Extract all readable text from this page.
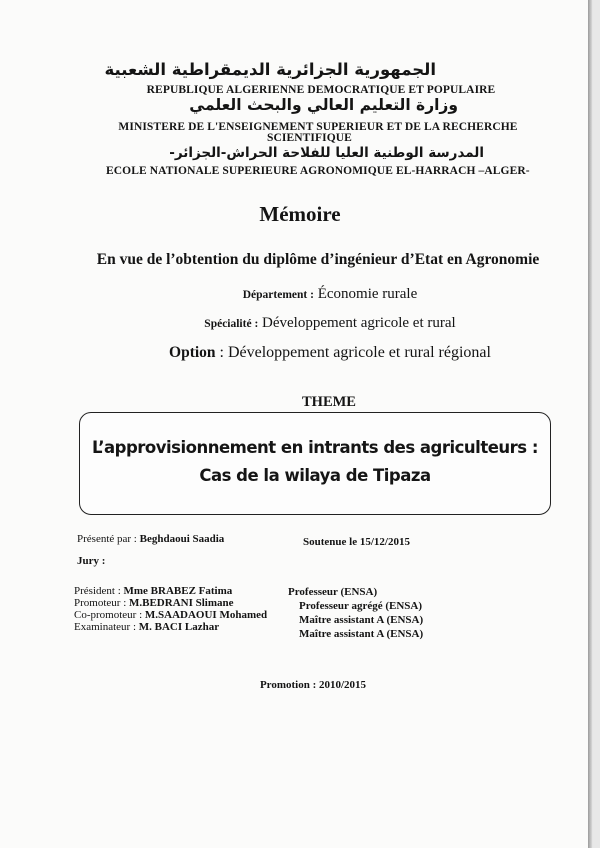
الجمهورية الجزائرية الديمقراطية الشعبية
REPUBLIQUE ALGERIENNE DEMOCRATIQUE ET POPULAIRE
وزارة التعليم العالي والبحث العلمي
MINISTERE DE L'ENSEIGNEMENT SUPERIEUR ET DE LA RECHERCHE
SCIENTIFIQUE
المدرسة الوطنية العليا للفلاحة الحراش-الجزائر-
ECOLE NATIONALE SUPERIEURE AGRONOMIQUE EL-HARRACH –ALGER-
Mémoire
En vue de l’obtention du diplôme d’ingénieur d’Etat en Agronomie
Département : Économie rurale
Spécialité : Développement agricole et rural
Option : Développement agricole et rural régional
THEME
L’approvisionnement en intrants des agriculteurs :
Cas de la wilaya de Tipaza
Présenté par : Beghdaoui Saadia	Soutenue le 15/12/2015
Jury :
Président : Mme BRABEZ Fatima
Promoteur : M.BEDRANI Slimane
Co-promoteur : M.SAADAOUI Mohamed
Examinateur : M. BACI Lazhar
Professeur (ENSA)
Professeur agrégé (ENSA)
Maître assistant A (ENSA)
Maître assistant A (ENSA)
Promotion : 2010/2015
